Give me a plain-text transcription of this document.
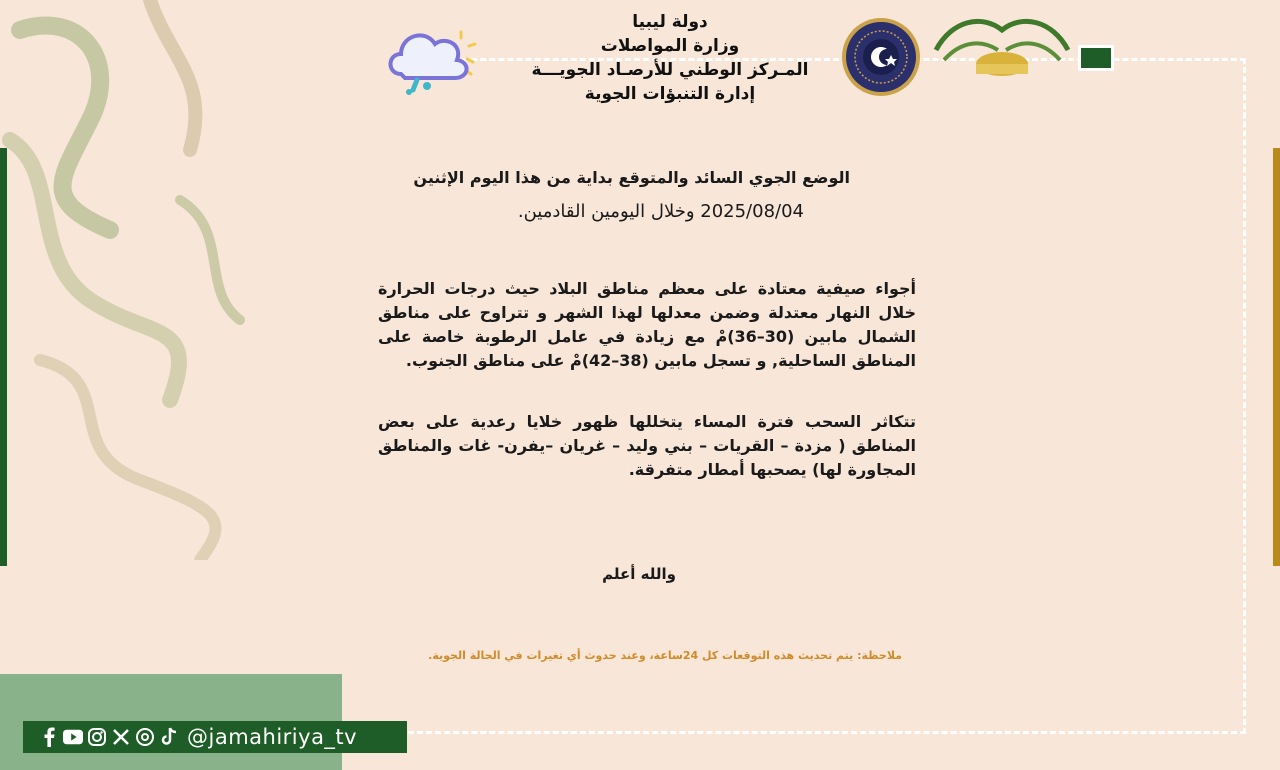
دولة ليبيا
وزارة المواصلات
المـركز الوطني للأرصـاد الجويـــة
إدارة التنبؤات الجوية
الوضع الجوي السائد والمتوقع بداية من هذا اليوم الإثنين
2025/08/04 وخلال اليومين القادمين.
أجواء صيفية معتادة على معظم مناطق البلاد حيث درجات الحرارة خلال النهار معتدلة وضمن معدلها لهذا الشهر و تتراوح على مناطق الشمال مابين (30–36)مْ مع زيادة في عامل الرطوبة خاصة على المناطق الساحلية, و تسجل مابين (38–42)مْ على مناطق الجنوب.
تتكاثر السحب فترة المساء يتخللها ظهور خلايا رعدية على بعض المناطق ( مزدة – القريات – بني وليد – غريان –يفرن- غات والمناطق المجاورة لها) يصحبها أمطار متفرقة.
والله أعلم
ملاحظة: يتم تحديث هذه التوقعات كل 24ساعة، وعند حدوث أي تغيرات في الحالة الجوية.
@jamahiriya_tv
